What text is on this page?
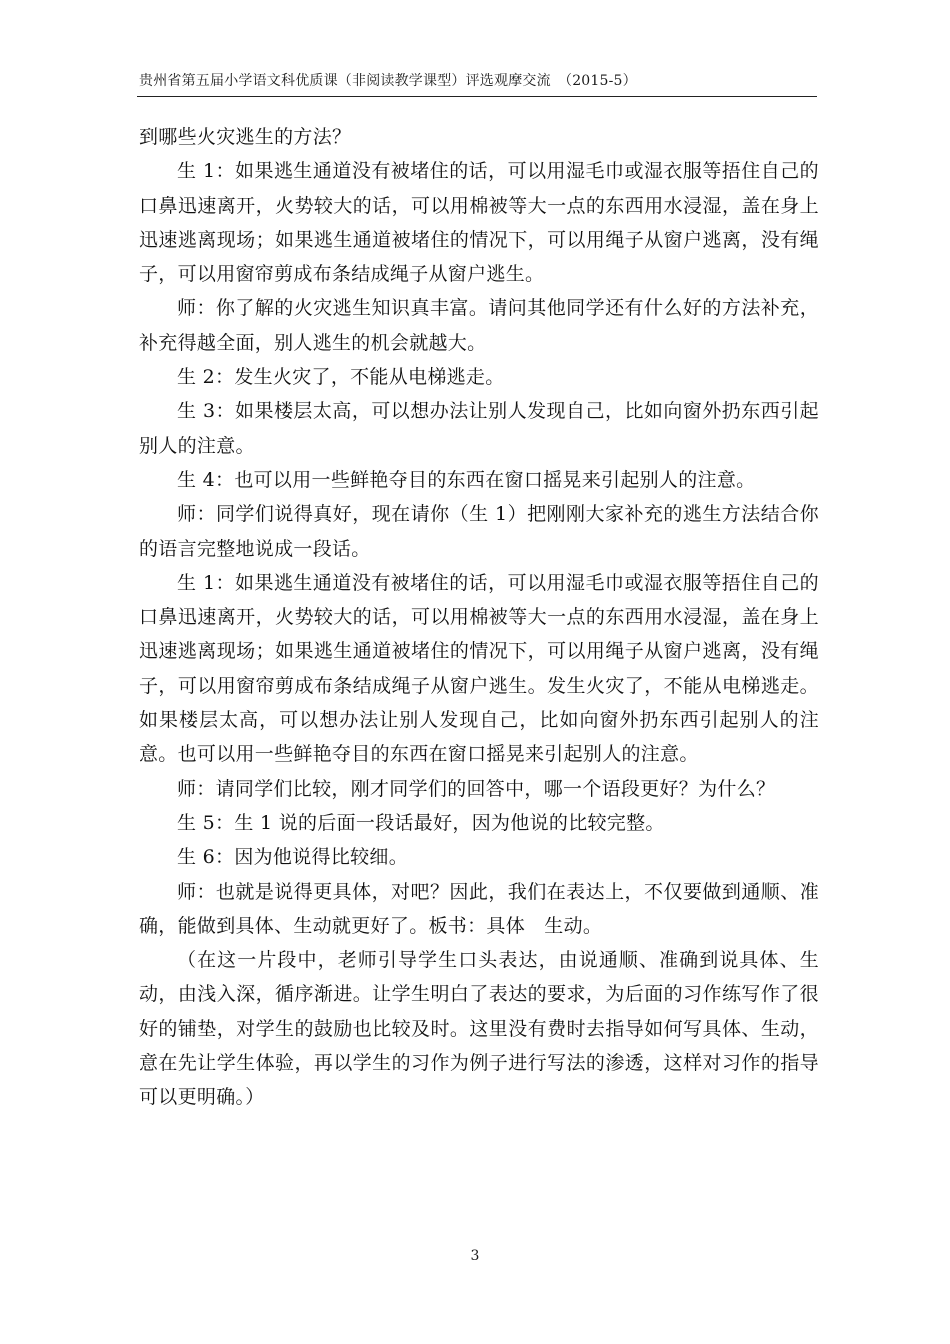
贵州省第五届小学语文科优质课（非阅读教学课型）评选观摩交流　（2015-5）

到哪些火灾逃生的方法？

生 1：如果逃生通道没有被堵住的话，可以用湿毛巾或湿衣服等捂住自己的口鼻迅速离开，火势较大的话，可以用棉被等大一点的东西用水浸湿，盖在身上迅速逃离现场；如果逃生通道被堵住的情况下，可以用绳子从窗户逃离，没有绳子，可以用窗帘剪成布条结成绳子从窗户逃生。

师：你了解的火灾逃生知识真丰富。请问其他同学还有什么好的方法补充，补充得越全面，别人逃生的机会就越大。

生 2：发生火灾了，不能从电梯逃走。

生 3：如果楼层太高，可以想办法让别人发现自己，比如向窗外扔东西引起别人的注意。

生 4：也可以用一些鲜艳夺目的东西在窗口摇晃来引起别人的注意。

师：同学们说得真好，现在请你（生 1）把刚刚大家补充的逃生方法结合你的语言完整地说成一段话。

生 1：如果逃生通道没有被堵住的话，可以用湿毛巾或湿衣服等捂住自己的口鼻迅速离开，火势较大的话，可以用棉被等大一点的东西用水浸湿，盖在身上迅速逃离现场；如果逃生通道被堵住的情况下，可以用绳子从窗户逃离，没有绳子，可以用窗帘剪成布条结成绳子从窗户逃生。发生火灾了，不能从电梯逃走。如果楼层太高，可以想办法让别人发现自己，比如向窗外扔东西引起别人的注意。也可以用一些鲜艳夺目的东西在窗口摇晃来引起别人的注意。

师：请同学们比较，刚才同学们的回答中，哪一个语段更好？为什么？

生 5：生 1 说的后面一段话最好，因为他说的比较完整。

生 6：因为他说得比较细。

师：也就是说得更具体，对吧？因此，我们在表达上，不仅要做到通顺、准确，能做到具体、生动就更好了。板书：具体　生动。

（在这一片段中，老师引导学生口头表达，由说通顺、准确到说具体、生动，由浅入深，循序渐进。让学生明白了表达的要求，为后面的习作练写作了很好的铺垫，对学生的鼓励也比较及时。这里没有费时去指导如何写具体、生动，意在先让学生体验，再以学生的习作为例子进行写法的渗透，这样对习作的指导可以更明确。）

3
